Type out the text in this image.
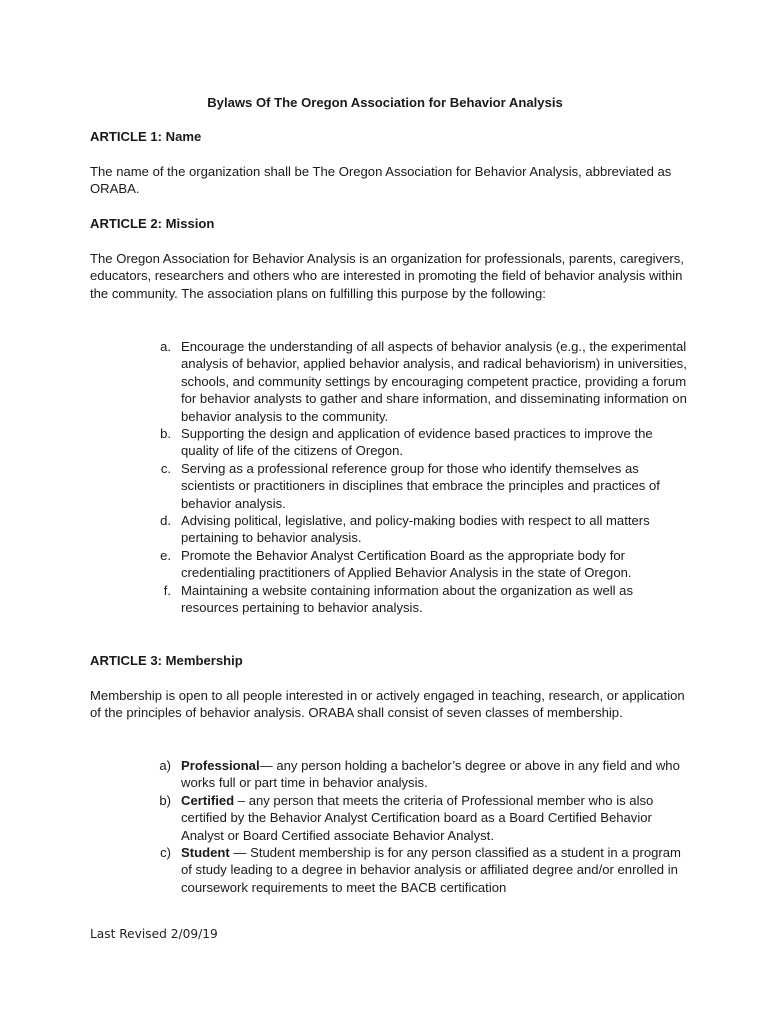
Bylaws Of The Oregon Association for Behavior Analysis
ARTICLE 1: Name

The name of the organization shall be The Oregon Association for Behavior Analysis, abbreviated as ORABA.

ARTICLE 2: Mission

The Oregon Association for Behavior Analysis is an organization for professionals, parents, caregivers, educators, researchers and others who are interested in promoting the field of behavior analysis within the community. The association plans on fulfilling this purpose by the following:

a. Encourage the understanding of all aspects of behavior analysis (e.g., the experimental analysis of behavior, applied behavior analysis, and radical behaviorism) in universities, schools, and community settings by encouraging competent practice, providing a forum for behavior analysts to gather and share information, and disseminating information on behavior analysis to the community.
b. Supporting the design and application of evidence based practices to improve the quality of life of the citizens of Oregon.
c. Serving as a professional reference group for those who identify themselves as scientists or practitioners in disciplines that embrace the principles and practices of behavior analysis.
d. Advising political, legislative, and policy-making bodies with respect to all matters pertaining to behavior analysis.
e. Promote the Behavior Analyst Certification Board as the appropriate body for credentialing practitioners of Applied Behavior Analysis in the state of Oregon.
f. Maintaining a website containing information about the organization as well as resources pertaining to behavior analysis.
ARTICLE 3: Membership

Membership is open to all people interested in or actively engaged in teaching, research, or application of the principles of behavior analysis. ORABA shall consist of seven classes of membership.

a) Professional— any person holding a bachelor’s degree or above in any field and who works full or part time in behavior analysis.
b) Certified – any person that meets the criteria of Professional member who is also certified by the Behavior Analyst Certification board as a Board Certified Behavior Analyst or Board Certified associate Behavior Analyst.
c) Student — Student membership is for any person classified as a student in a program of study leading to a degree in behavior analysis or affiliated degree and/or enrolled in coursework requirements to meet the BACB certification
Last Revised 2/09/19
